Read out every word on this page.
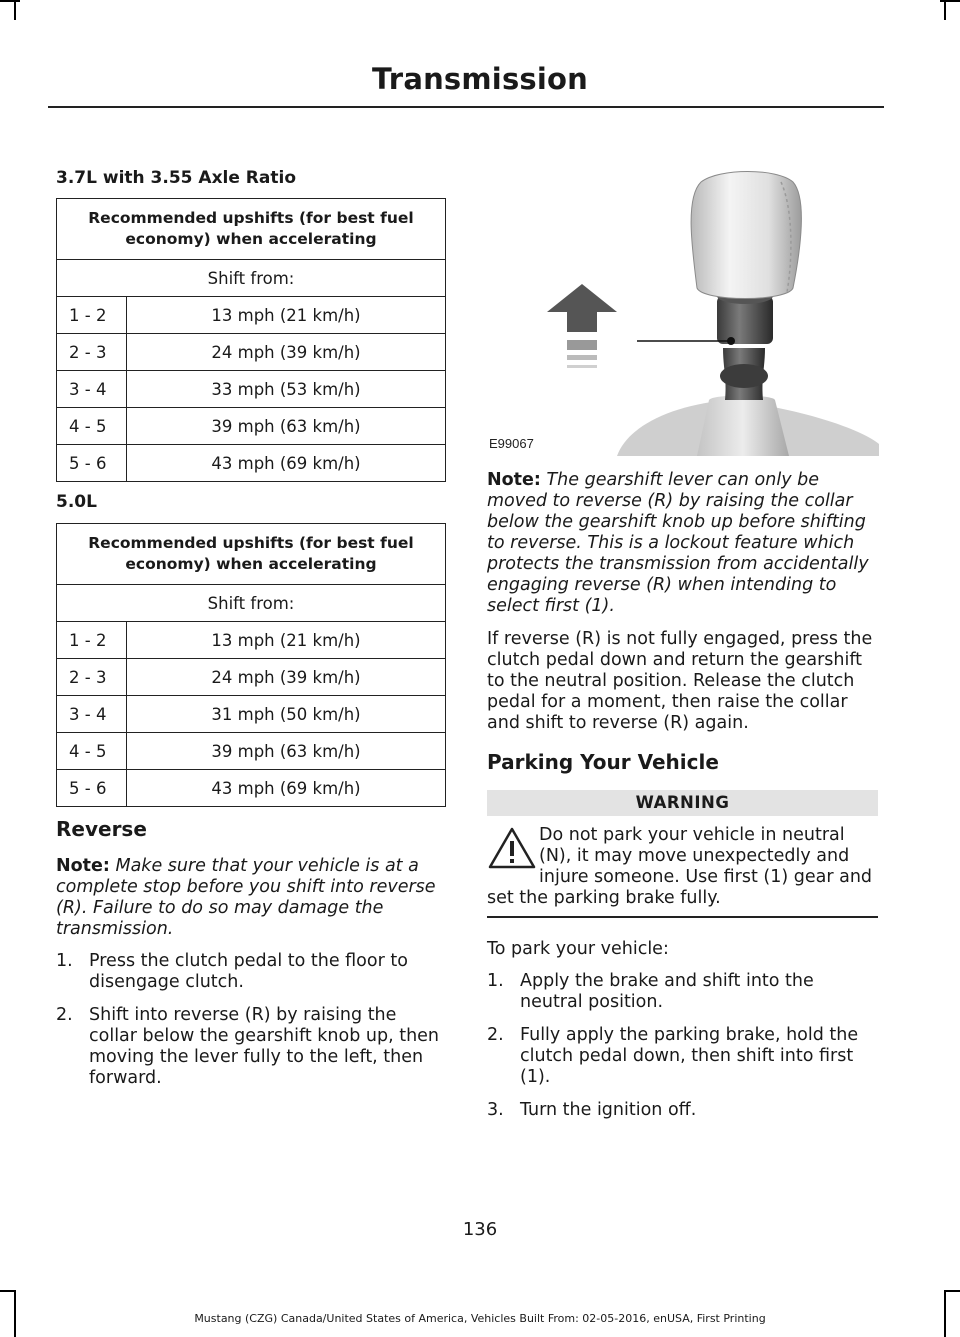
Transmission
3.7L with 3.55 Axle Ratio
Recommended upshifts (for best fuel economy) when accelerating	
Shift from:	
1 - 2	13 mph (21 km/h)
2 - 3	24 mph (39 km/h)
3 - 4	33 mph (53 km/h)
4 - 5	39 mph (63 km/h)
5 - 6	43 mph (69 km/h)
5.0L
Recommended upshifts (for best fuel economy) when accelerating	
Shift from:	
1 - 2	13 mph (21 km/h)
2 - 3	24 mph (39 km/h)
3 - 4	31 mph (50 km/h)
4 - 5	39 mph (63 km/h)
5 - 6	43 mph (69 km/h)
Reverse
Note: Make sure that your vehicle is at a complete stop before you shift into reverse (R). Failure to do so may damage the transmission.
1. Press the clutch pedal to the floor to disengage clutch.
2. Shift into reverse (R) by raising the collar below the gearshift knob up, then moving the lever fully to the left, then forward.
E99067
Note: The gearshift lever can only be moved to reverse (R) by raising the collar below the gearshift knob up before shifting to reverse. This is a lockout feature which protects the transmission from accidentally engaging reverse (R) when intending to select first (1).
If reverse (R) is not fully engaged, press the clutch pedal down and return the gearshift to the neutral position. Release the clutch pedal for a moment, then raise the collar and shift to reverse (R) again.
Parking Your Vehicle
WARNING
Do not park your vehicle in neutral (N), it may move unexpectedly and injure someone. Use first (1) gear and set the parking brake fully.
To park your vehicle:
1. Apply the brake and shift into the neutral position.
2. Fully apply the parking brake, hold the clutch pedal down, then shift into first (1).
3. Turn the ignition off.
136
Mustang (CZG) Canada/United States of America, Vehicles Built From: 02-05-2016, enUSA, First Printing
